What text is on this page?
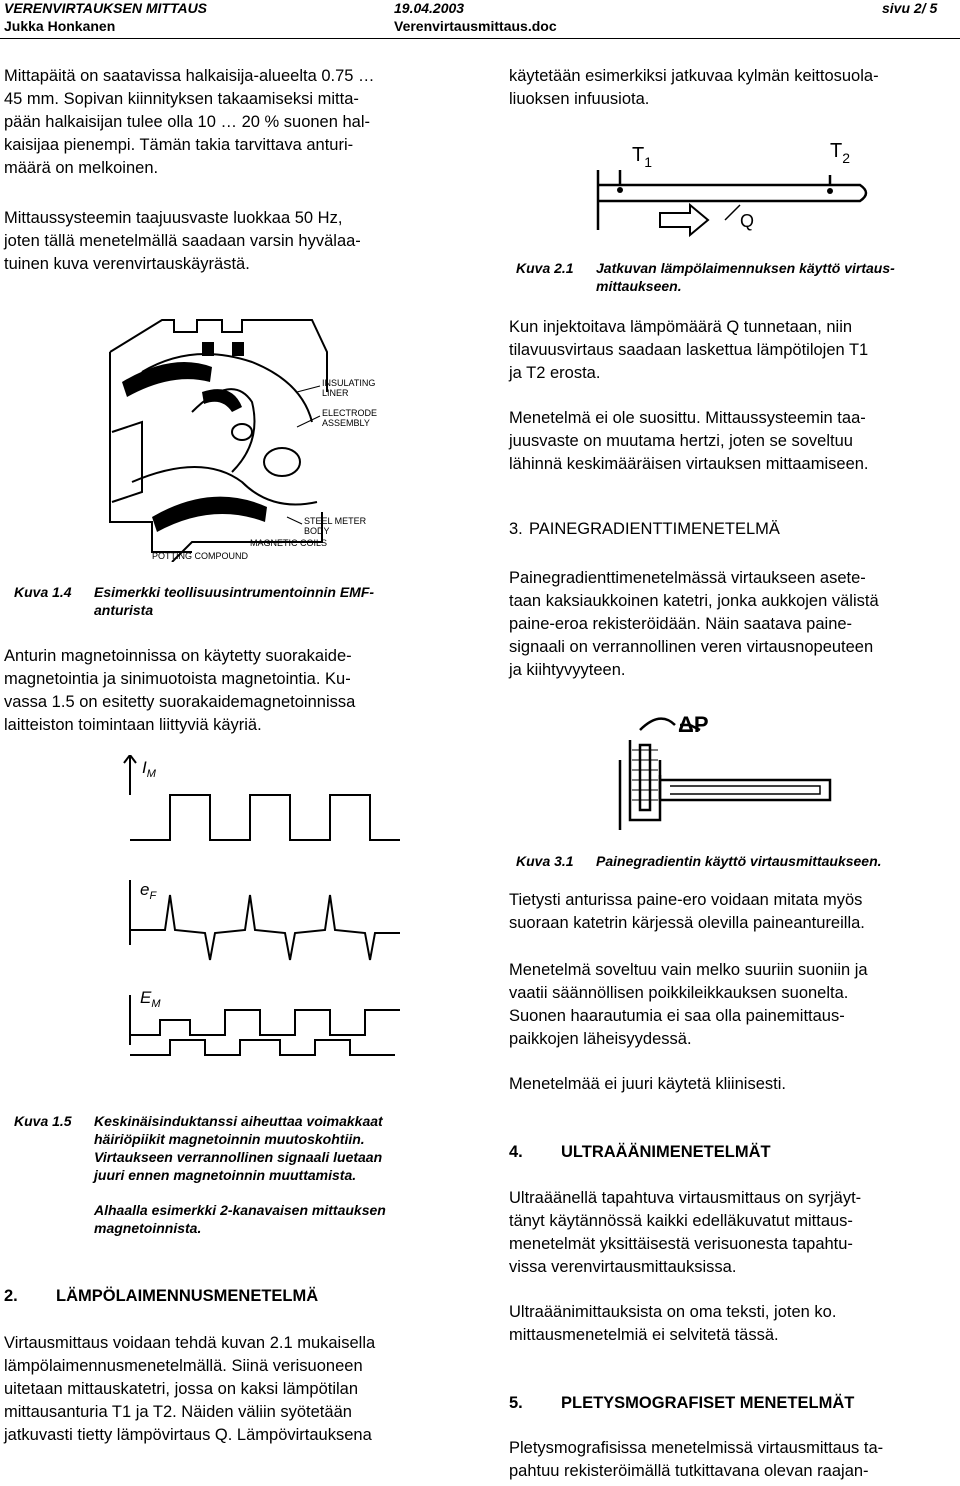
VERENVIRTAUKSEN MITTAUS	19.04.2003	sivu 2/ 5
Jukka Honkanen	Verenvirtausmittaus.doc
Mittapäitä on saatavissa halkaisija-alueelta 0.75 …
45 mm. Sopivan kiinnityksen takaamiseksi mitta-
pään halkaisijan tulee olla 10 … 20 % suonen hal-
kaisijaa pienempi. Tämän takia tarvittava anturi-
määrä on melkoinen.
Mittaussysteemin taajuusvaste luokkaa 50 Hz,
joten tällä menetelmällä saadaan varsin hyvälaa-
tuinen kuva verenvirtauskäyrästä.
INSULATING
LINER
ELECTRODE
ASSEMBLY
STEEL METER
BODY
MAGNETIC COILS
POTTING COMPOUND
Kuva 1.4 Esimerkki teollisuusintrumentoinnin EMF-
anturista
Anturin magnetoinnissa on käytetty suorakaide-
magnetointia ja sinimuotoista magnetointia. Ku-
vassa 1.5 on esitetty suorakaidemagnetoinnissa
laitteiston toimintaan liittyviä käyriä.
$I_M$
$e_F$
$E_M$
Kuva 1.5 Keskinäisinduktanssi aiheuttaa voimakkaat
häiriöpiikit magnetoinnin muutoskohtiin.
Virtaukseen verrannollinen signaali luetaan
juuri ennen magnetoinnin muuttamista.
Alhaalla esimerkki 2-kanavaisen mittauksen
magnetoinnista.
2. LÄMPÖLAIMENNUSMENETELMÄ
Virtausmittaus voidaan tehdä kuvan 2.1 mukaisella
lämpölaimennusmenetelmällä. Siinä verisuoneen
uitetaan mittauskatetri, jossa on kaksi lämpötilan
mittausanturia T1 ja T2. Näiden väliin syötetään
jatkuvasti tietty lämpövirtaus Q. Lämpövirtauksena
käytetään esimerkiksi jatkuvaa kylmän keittosuola-
liuoksen infuusiota.
$T_1$	$T_2$
Q
Kuva 2.1 Jatkuvan lämpölaimennuksen käyttö virtaus-
mittaukseen.
Kun injektoitava lämpömäärä Q tunnetaan, niin
tilavuusvirtaus saadaan laskettua lämpötilojen T1
ja T2 erosta.
Menetelmä ei ole suosittu. Mittaussysteemin taa-
juusvaste on muutama hertzi, joten se soveltuu
lähinnä keskimääräisen virtauksen mittaamiseen.
3. PAINEGRADIENTTIMENETELMÄ
Painegradienttimenetelmässä virtaukseen asete-
taan kaksiaukkoinen katetri, jonka aukkojen välistä
paine-eroa rekisteröidään. Näin saatava paine-
signaali on verrannollinen veren virtausnopeuteen
ja kiihtyvyyteen.
ΔP
Kuva 3.1 Painegradientin käyttö virtausmittaukseen.
Tietysti anturissa paine-ero voidaan mitata myös
suoraan katetrin kärjessä olevilla paineantureilla.
Menetelmä soveltuu vain melko suuriin suoniin ja
vaatii säännöllisen poikkileikkauksen suonelta.
Suonen haarautumia ei saa olla painemittaus-
paikkojen läheisyydessä.
Menetelmää ei juuri käytetä kliinisesti.
4. ULTRAÄÄNIMENETELMÄT
Ultraäänellä tapahtuva virtausmittaus on syrjäyt-
tänyt käytännössä kaikki edelläkuvatut mittaus-
menetelmät yksittäisestä verisuonesta tapahtu-
vissa verenvirtausmittauksissa.
Ultraäänimittauksista on oma teksti, joten ko.
mittausmenetelmiä ei selvitetä tässä.
5. PLETYSMOGRAFISET MENETELMÄT
Pletysmografisissa menetelmissä virtausmittaus ta-
pahtuu rekisteröimällä tutkittavana olevan raajan-
